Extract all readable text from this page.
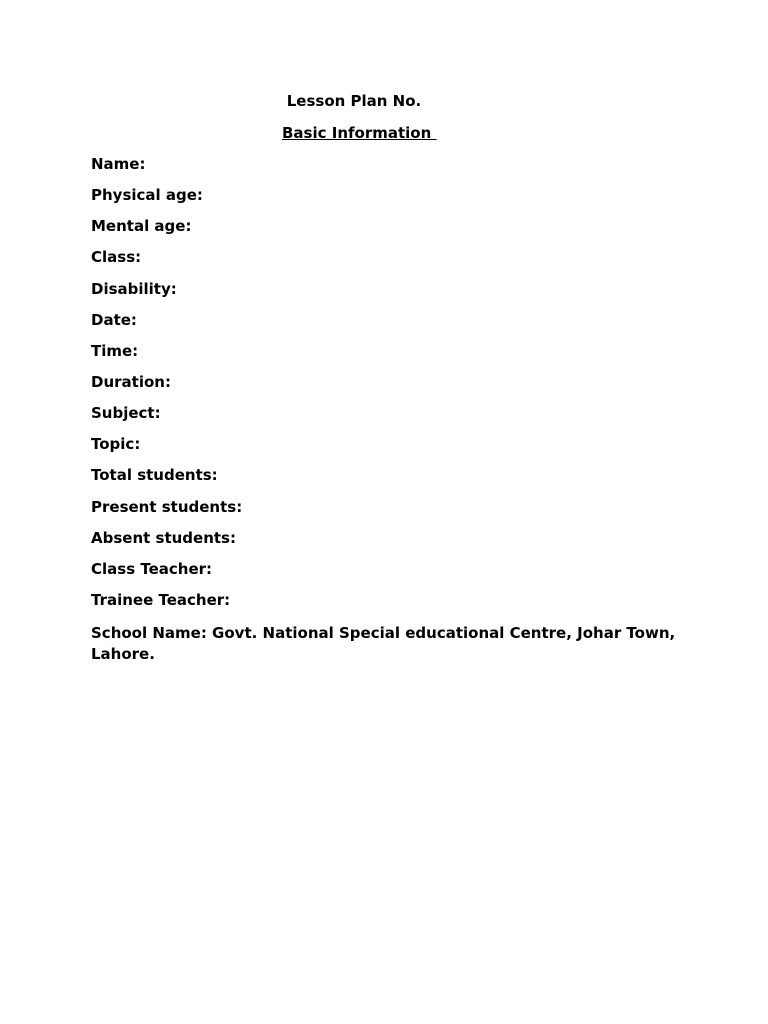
Lesson Plan No.
Basic Information
Name:
Physical age:
Mental age:
Class:
Disability:
Date:
Time:
Duration:
Subject:
Topic:
Total students:
Present students:
Absent students:
Class Teacher:
Trainee Teacher:
School Name: Govt. National Special educational Centre, Johar Town, Lahore.
